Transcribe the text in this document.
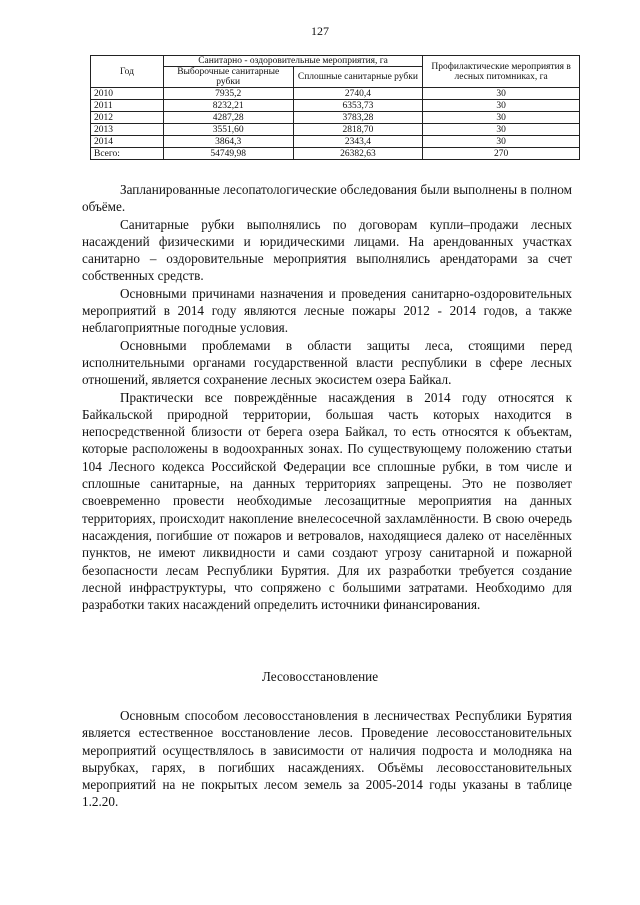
127
Год	Санитарно - оздоровительные мероприятия, га		Профилактические мероприятия в лесных питомниках, га
	Выборочные санитарные рубки	Сплошные санитарные рубки	
2010	7935,2	2740,4	30
2011	8232,21	6353,73	30
2012	4287,28	3783,28	30
2013	3551,60	2818,70	30
2014	3864,3	2343,4	30
Всего:	54749,98	26382,63	270

Запланированные лесопатологические обследования были выполнены в полном объёме.

Санитарные рубки выполнялись по договорам купли–продажи лесных насаждений физическими и юридическими лицами. На арендованных участках санитарно – оздоровительные мероприятия выполнялись арендаторами за счет собственных средств.

Основными причинами назначения и проведения санитарно-оздоровительных мероприятий в 2014 году являются лесные пожары 2012 - 2014 годов, а также неблагоприятные погодные условия.

Основными проблемами в области защиты леса, стоящими перед исполнительными органами государственной власти республики в сфере лесных отношений, является сохранение лесных экосистем озера Байкал.

Практически все повреждённые насаждения в 2014 году относятся к Байкальской природной территории, большая часть которых находится в непосредственной близости от берега озера Байкал, то есть относятся к объектам, которые расположены в водоохранных зонах. По существующему положению статьи 104 Лесного кодекса Российской Федерации все сплошные рубки, в том числе и сплошные санитарные, на данных территориях запрещены. Это не позволяет своевременно провести необходимые лесозащитные мероприятия на данных территориях, происходит накопление внелесосечной захламлённости. В свою очередь насаждения, погибшие от пожаров и ветровалов, находящиеся далеко от населённых пунктов, не имеют ликвидности и сами создают угрозу санитарной и пожарной безопасности лесам Республики Бурятия. Для их разработки требуется создание лесной инфраструктуры, что сопряжено с большими затратами. Необходимо для разработки таких насаждений определить источники финансирования.

Лесовосстановление

Основным способом лесовосстановления в лесничествах Республики Бурятия является естественное восстановление лесов. Проведение лесовосстановительных мероприятий осуществлялось в зависимости от наличия подроста и молодняка на вырубках, гарях, в погибших насаждениях. Объёмы лесовосстановительных мероприятий на не покрытых лесом земель за 2005-2014 годы указаны в таблице 1.2.20.
